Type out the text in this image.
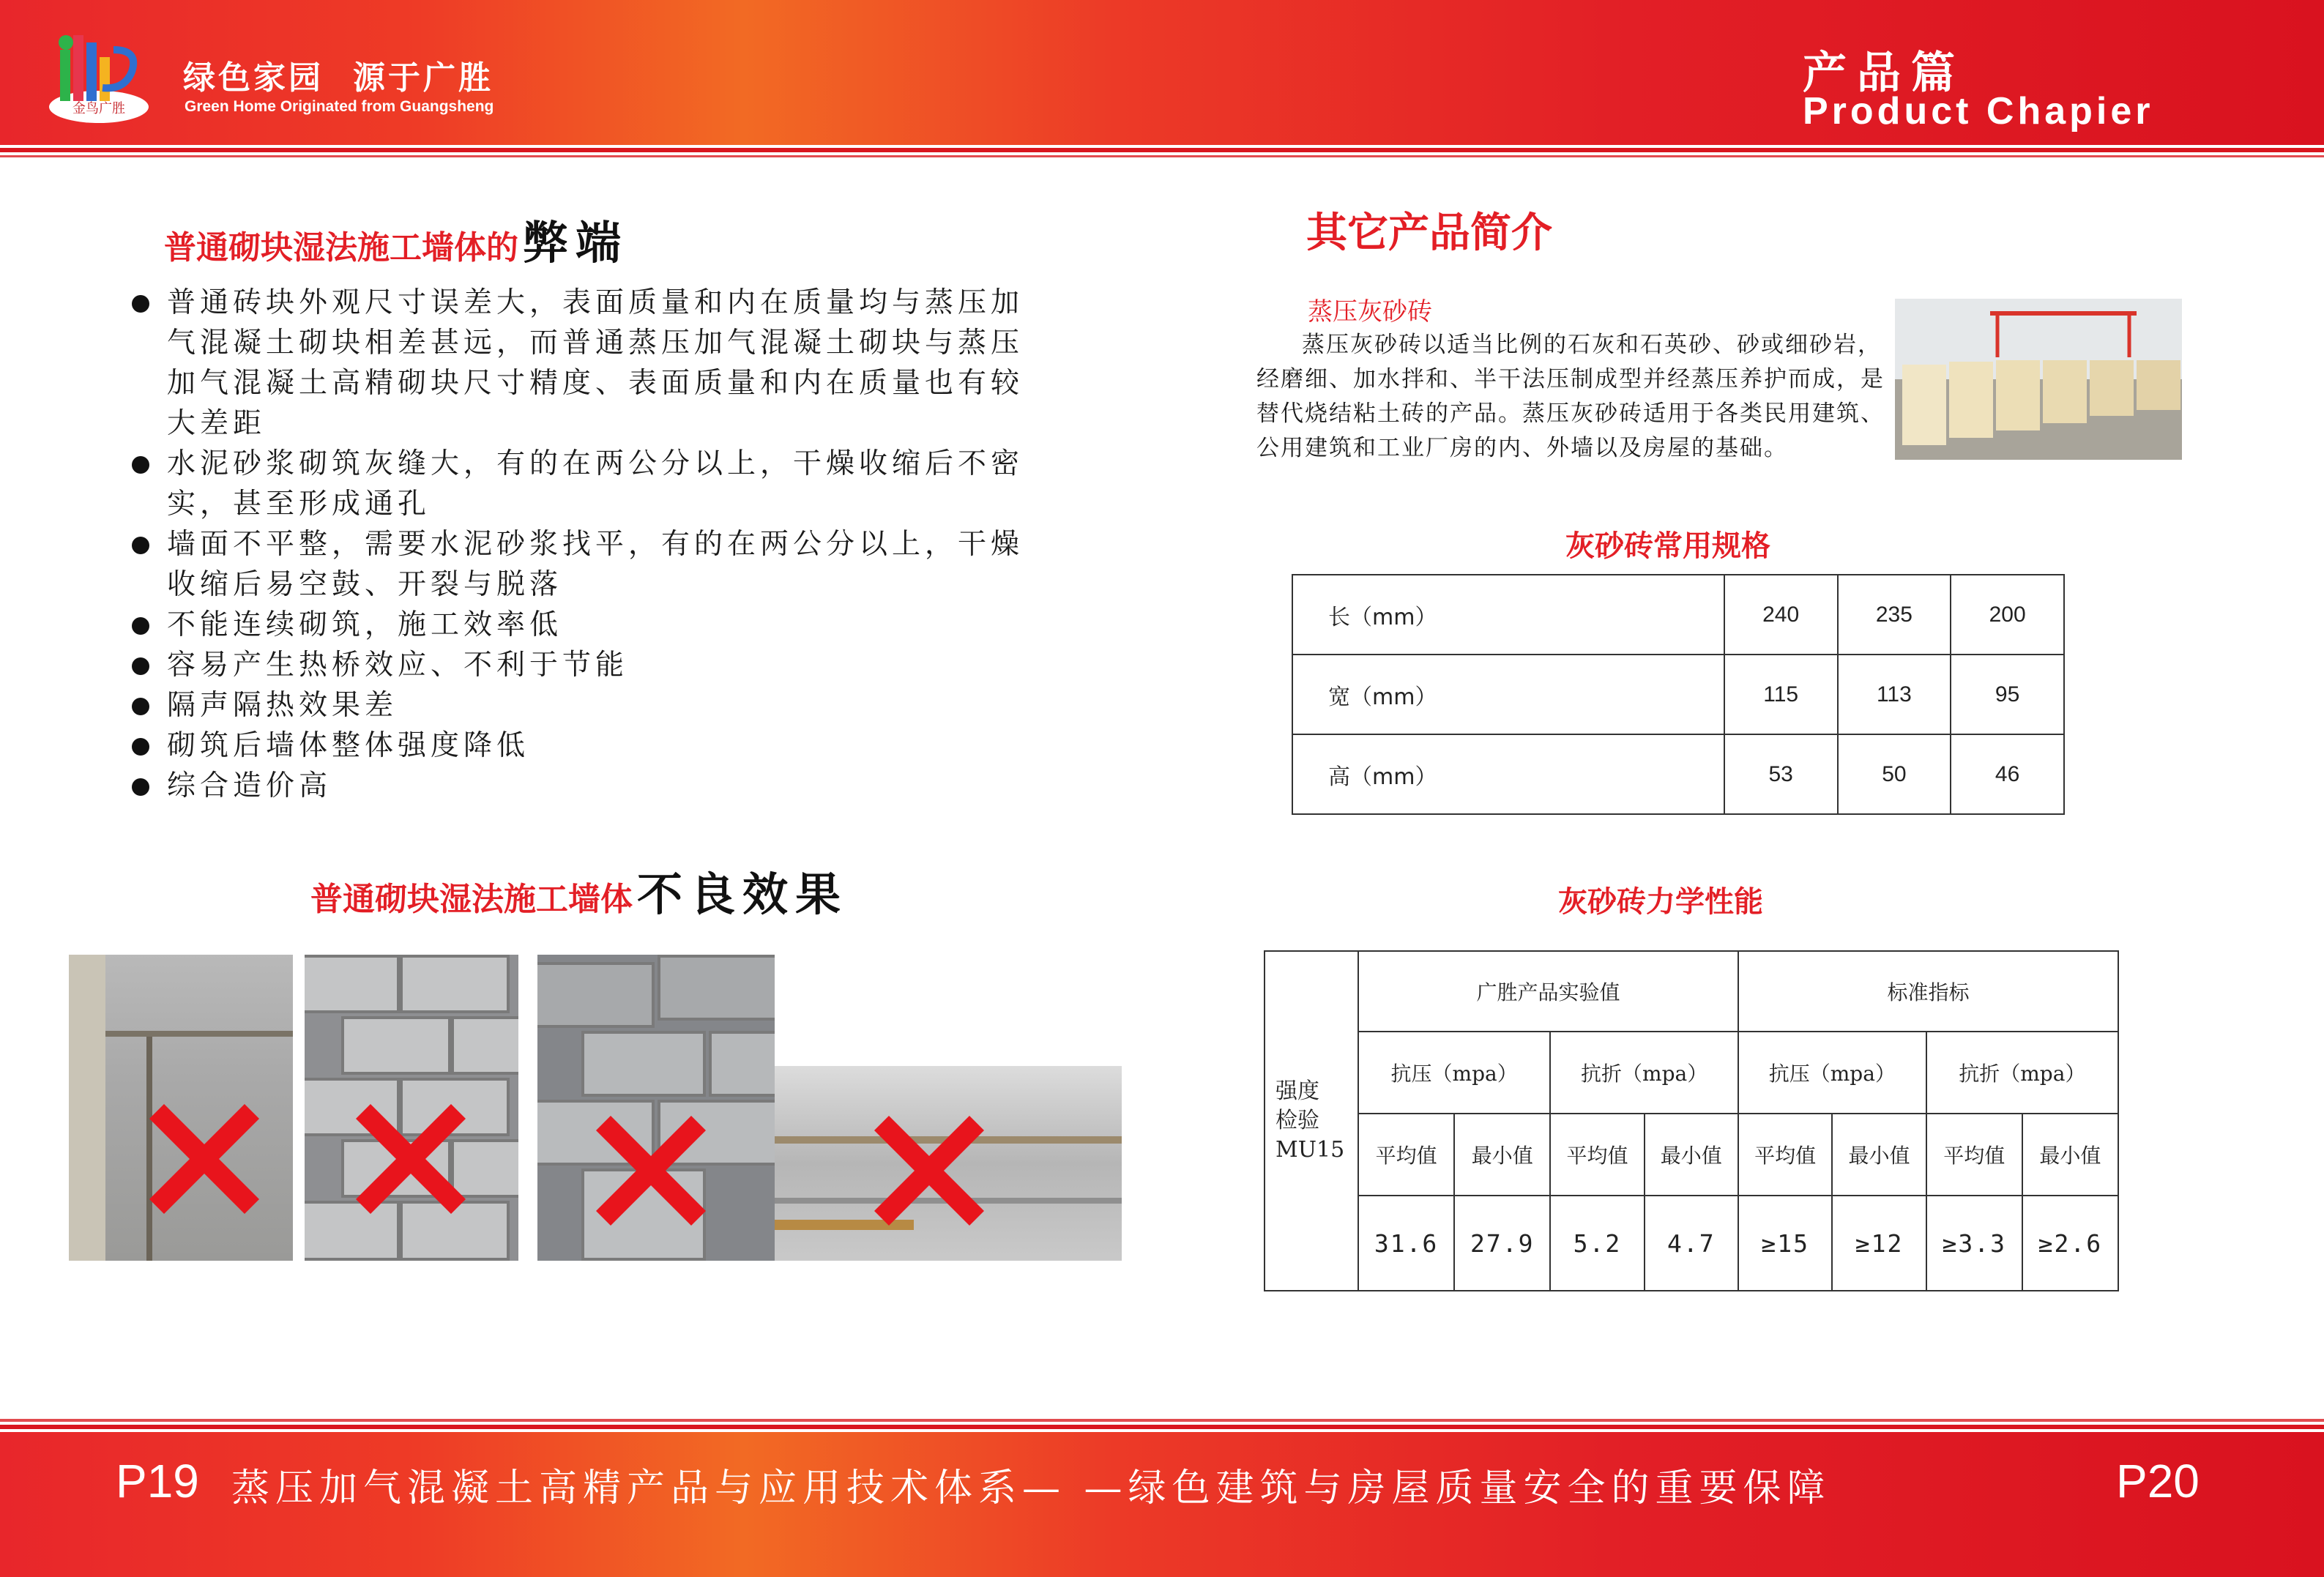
金鸟广胜
绿色家园 源于广胜
Green Home Originated from Guangsheng
产品篇
Product Chapier
普通砌块湿法施工墙体的弊端
普通砖块外观尺寸误差大，表面质量和内在质量均与蒸压加气混凝土砌块相差甚远，而普通蒸压加气混凝土砌块与蒸压加气混凝土高精砌块尺寸精度、表面质量和内在质量也有较大差距
水泥砂浆砌筑灰缝大，有的在两公分以上，干燥收缩后不密实，甚至形成通孔
墙面不平整，需要水泥砂浆找平，有的在两公分以上，干燥收缩后易空鼓、开裂与脱落
不能连续砌筑，施工效率低
容易产生热桥效应、不利于节能
隔声隔热效果差
砌筑后墙体整体强度降低
综合造价高
普通砌块湿法施工墙体不良效果
其它产品简介
蒸压灰砂砖
蒸压灰砂砖以适当比例的石灰和石英砂、砂或细砂岩，经磨细、加水拌和、半干法压制成型并经蒸压养护而成，是替代烧结粘土砖的产品。蒸压灰砂砖适用于各类民用建筑、公用建筑和工业厂房的内、外墙以及房屋的基础。
灰砂砖常用规格
长（mm）	240	235	200
宽（mm）	115	113	95
高（mm）	53	50	46
灰砂砖力学性能
强度
检验
MU15	广胜产品实验值				标准指标			
	抗压（mpa）		抗折（mpa）		抗压（mpa）		抗折（mpa）	
	平均值	最小值	平均值	最小值	平均值	最小值	平均值	最小值
	31.6	27.9	5.2	4.7	≥15	≥12	≥3.3	≥2.6
P19 蒸压加气混凝土高精产品与应用技术体系— —绿色建筑与房屋质量安全的重要保障	P20
